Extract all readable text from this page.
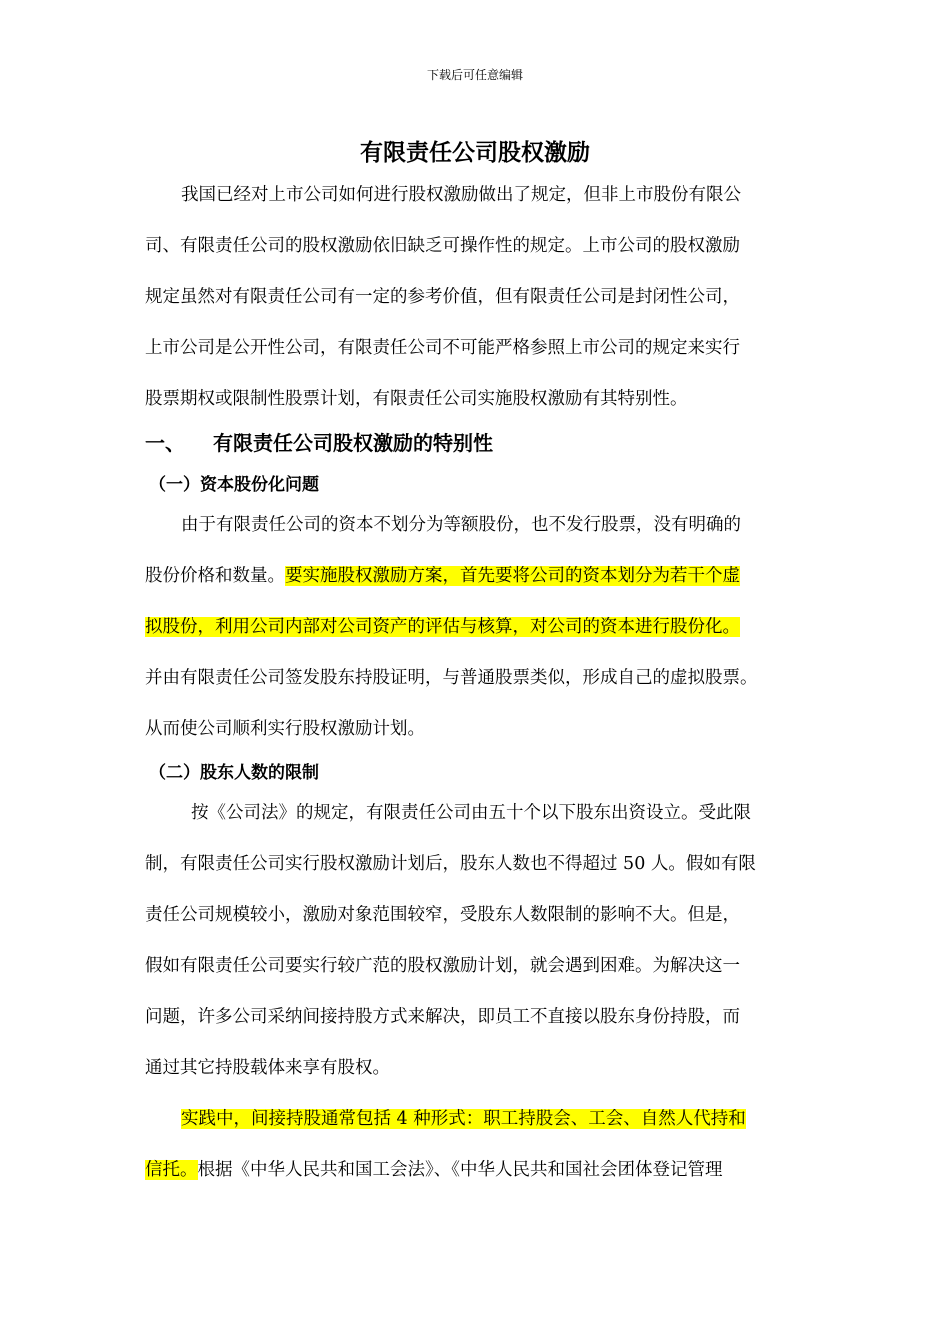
下载后可任意编辑
有限责任公司股权激励
我国已经对上市公司如何进行股权激励做出了规定，但非上市股份有限公
司、有限责任公司的股权激励依旧缺乏可操作性的规定。上市公司的股权激励
规定虽然对有限责任公司有一定的参考价值，但有限责任公司是封闭性公司，
上市公司是公开性公司，有限责任公司不可能严格参照上市公司的规定来实行
股票期权或限制性股票计划，有限责任公司实施股权激励有其特别性。
一、 有限责任公司股权激励的特别性
（一）资本股份化问题
由于有限责任公司的资本不划分为等额股份，也不发行股票，没有明确的
股份价格和数量。要实施股权激励方案，首先要将公司的资本划分为若干个虚
拟股份，利用公司内部对公司资产的评估与核算，对公司的资本进行股份化。
并由有限责任公司签发股东持股证明，与普通股票类似，形成自己的虚拟股票。
从而使公司顺利实行股权激励计划。
（二）股东人数的限制
按《公司法》的规定，有限责任公司由五十个以下股东出资设立。受此限
制，有限责任公司实行股权激励计划后，股东人数也不得超过 50 人。假如有限
责任公司规模较小，激励对象范围较窄，受股东人数限制的影响不大。但是，
假如有限责任公司要实行较广范的股权激励计划，就会遇到困难。为解决这一
问题，许多公司采纳间接持股方式来解决，即员工不直接以股东身份持股，而
通过其它持股载体来享有股权。
实践中，间接持股通常包括 4 种形式：职工持股会、工会、自然人代持和
信托。根据《中华人民共和国工会法》、《中华人民共和国社会团体登记管理
